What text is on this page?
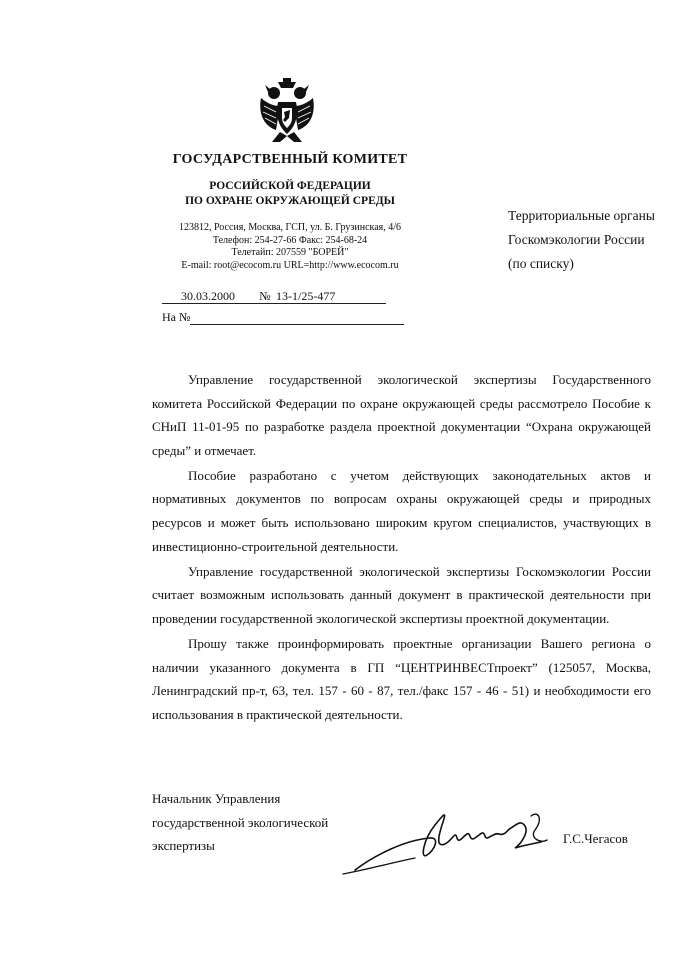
ГОСУДАРСТВЕННЫЙ КОМИТЕТ
РОССИЙСКОЙ ФЕДЕРАЦИИ
ПО ОХРАНЕ ОКРУЖАЮЩЕЙ СРЕДЫ
123812, Россия, Москва, ГСП, ул. Б. Грузинская, 4/6
Телефон: 254-27-66 Факс: 254-68-24
Телетайп: 207559 "БОРЕЙ"
E-mail: root@ecocom.ru URL=http://www.ecocom.ru
Территориальные органы
Госкомэкологии России
(по списку)
30.03.2000 № 13-1/25-477
На №

Управление государственной экологической экспертизы Государственного комитета Российской Федерации по охране окружающей среды рассмотрело Пособие к СНиП 11-01-95 по разработке раздела проектной документации “Охрана окружающей среды” и отмечает.

Пособие разработано с учетом действующих законодательных актов и нормативных документов по вопросам охраны окружающей среды и природных ресурсов и может быть использовано широким кругом специалистов, участвующих в инвестиционно-строительной деятельности.

Управление государственной экологической экспертизы Госкомэкологии России считает возможным использовать данный документ в практической деятельности при проведении государственной экологической экспертизы проектной документации.

Прошу также проинформировать проектные организации Вашего региона о наличии указанного документа в ГП “ЦЕНТРИНВЕСТпроект” (125057, Москва, Ленинградский пр-т, 63, тел. 157 - 60 - 87, тел./факс 157 - 46 - 51) и необходимости его использования в практической деятельности.

Начальник Управления
государственной экологической
экспертизы	Г.С.Чегасов
